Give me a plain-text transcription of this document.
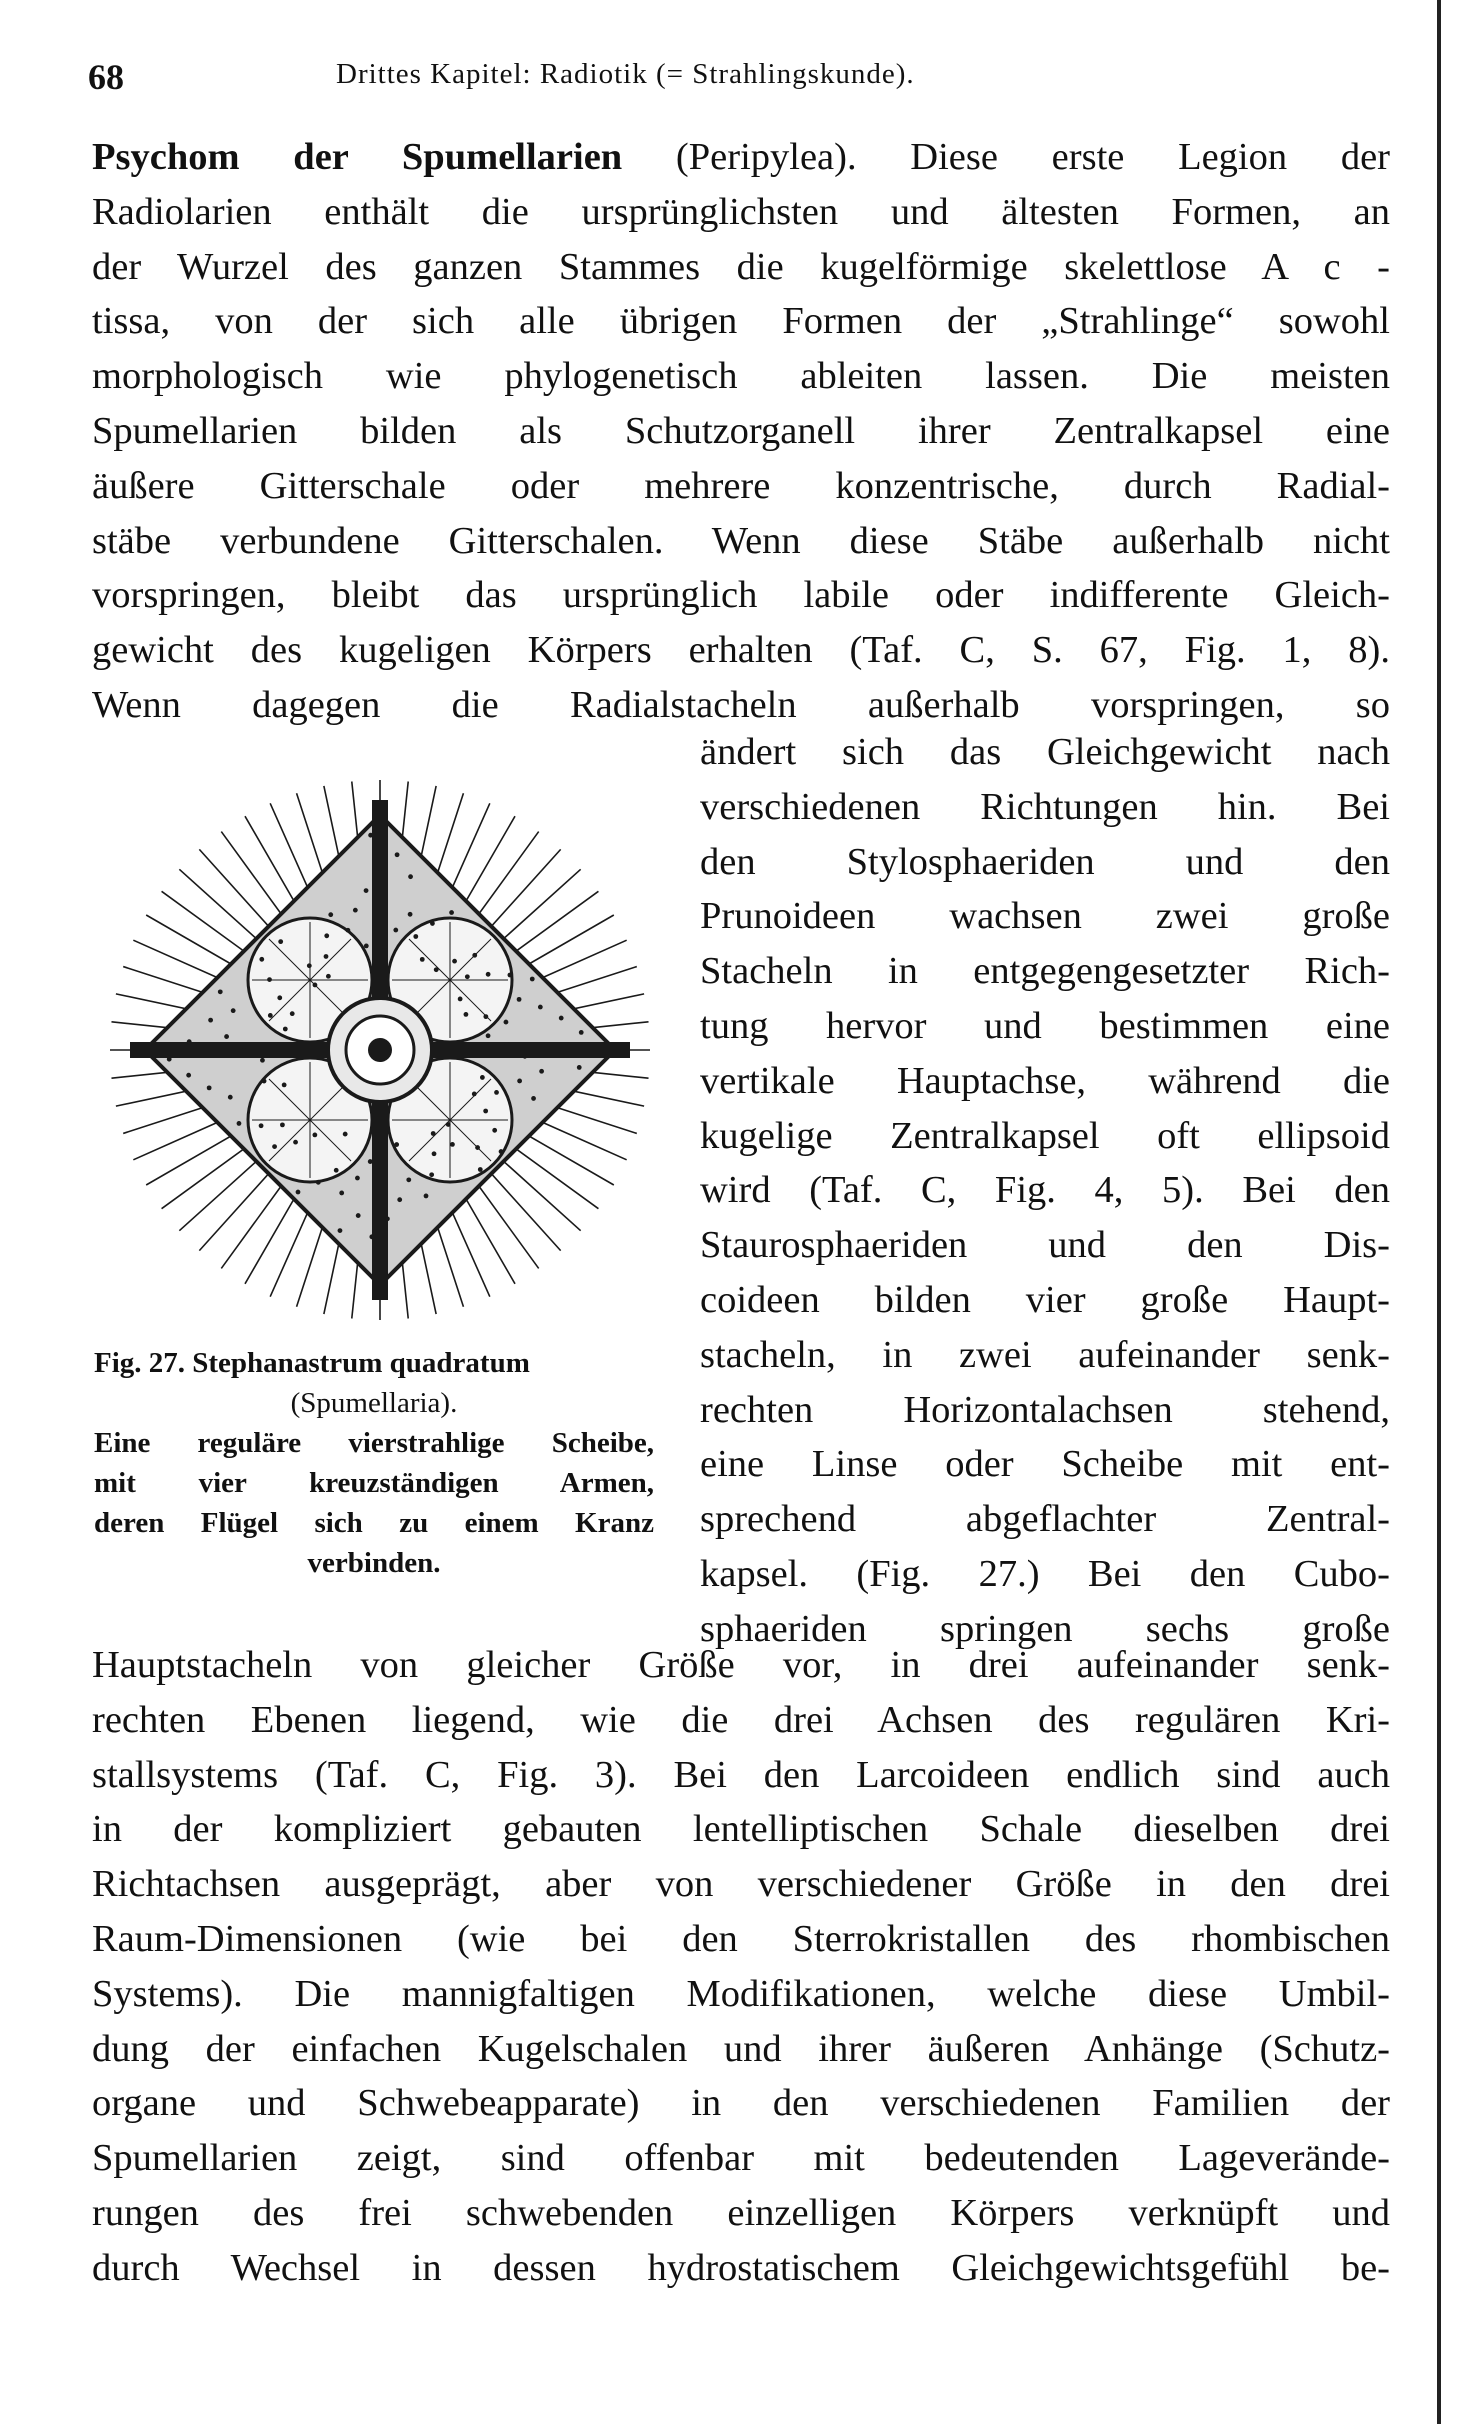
68	Drittes Kapitel: Radiotik (= Strahlingskunde).
Psychom der Spumellarien (Peripylea). Diese erste Legion der
Radiolarien enthält die ursprünglichsten und ältesten Formen, an
der Wurzel des ganzen Stammes die kugelförmige skelettlose A c -
tissa, von der sich alle übrigen Formen der „Strahlinge“ sowohl
morphologisch wie phylogenetisch ableiten lassen. Die meisten
Spumellarien bilden als Schutzorganell ihrer Zentralkapsel eine
äußere Gitterschale oder mehrere konzentrische, durch Radial-
stäbe verbundene Gitterschalen. Wenn diese Stäbe außerhalb nicht
vorspringen, bleibt das ursprünglich labile oder indifferente Gleich-
gewicht des kugeligen Körpers erhalten (Taf. C, S. 67, Fig. 1, 8).
Wenn dagegen die Radialstacheln außerhalb vorspringen, so
Fig. 27. Stephanastrum quadratum
(Spumellaria).
Eine reguläre vierstrahlige Scheibe,
mit vier kreuzständigen Armen,
deren Flügel sich zu einem Kranz
verbinden.
ändert sich das Gleichgewicht nach
verschiedenen Richtungen hin. Bei
den Stylosphaeriden und den
Prunoideen wachsen zwei große
Stacheln in entgegengesetzter Rich-
tung hervor und bestimmen eine
vertikale Hauptachse, während die
kugelige Zentralkapsel oft ellipsoid
wird (Taf. C, Fig. 4, 5). Bei den
Staurosphaeriden und den Dis-
coideen bilden vier große Haupt-
stacheln, in zwei aufeinander senk-
rechten Horizontalachsen stehend,
eine Linse oder Scheibe mit ent-
sprechend abgeflachter Zentral-
kapsel. (Fig. 27.) Bei den Cubo-
sphaeriden springen sechs große
Hauptstacheln von gleicher Größe vor, in drei aufeinander senk-
rechten Ebenen liegend, wie die drei Achsen des regulären Kri-
stallsystems (Taf. C, Fig. 3). Bei den Larcoideen endlich sind auch
in der kompliziert gebauten lentelliptischen Schale dieselben drei
Richtachsen ausgeprägt, aber von verschiedener Größe in den drei
Raum-Dimensionen (wie bei den Sterrokristallen des rhombischen
Systems). Die mannigfaltigen Modifikationen, welche diese Umbil-
dung der einfachen Kugelschalen und ihrer äußeren Anhänge (Schutz-
organe und Schwebeapparate) in den verschiedenen Familien der
Spumellarien zeigt, sind offenbar mit bedeutenden Lageverände-
rungen des frei schwebenden einzelligen Körpers verknüpft und
durch Wechsel in dessen hydrostatischem Gleichgewichtsgefühl be-
